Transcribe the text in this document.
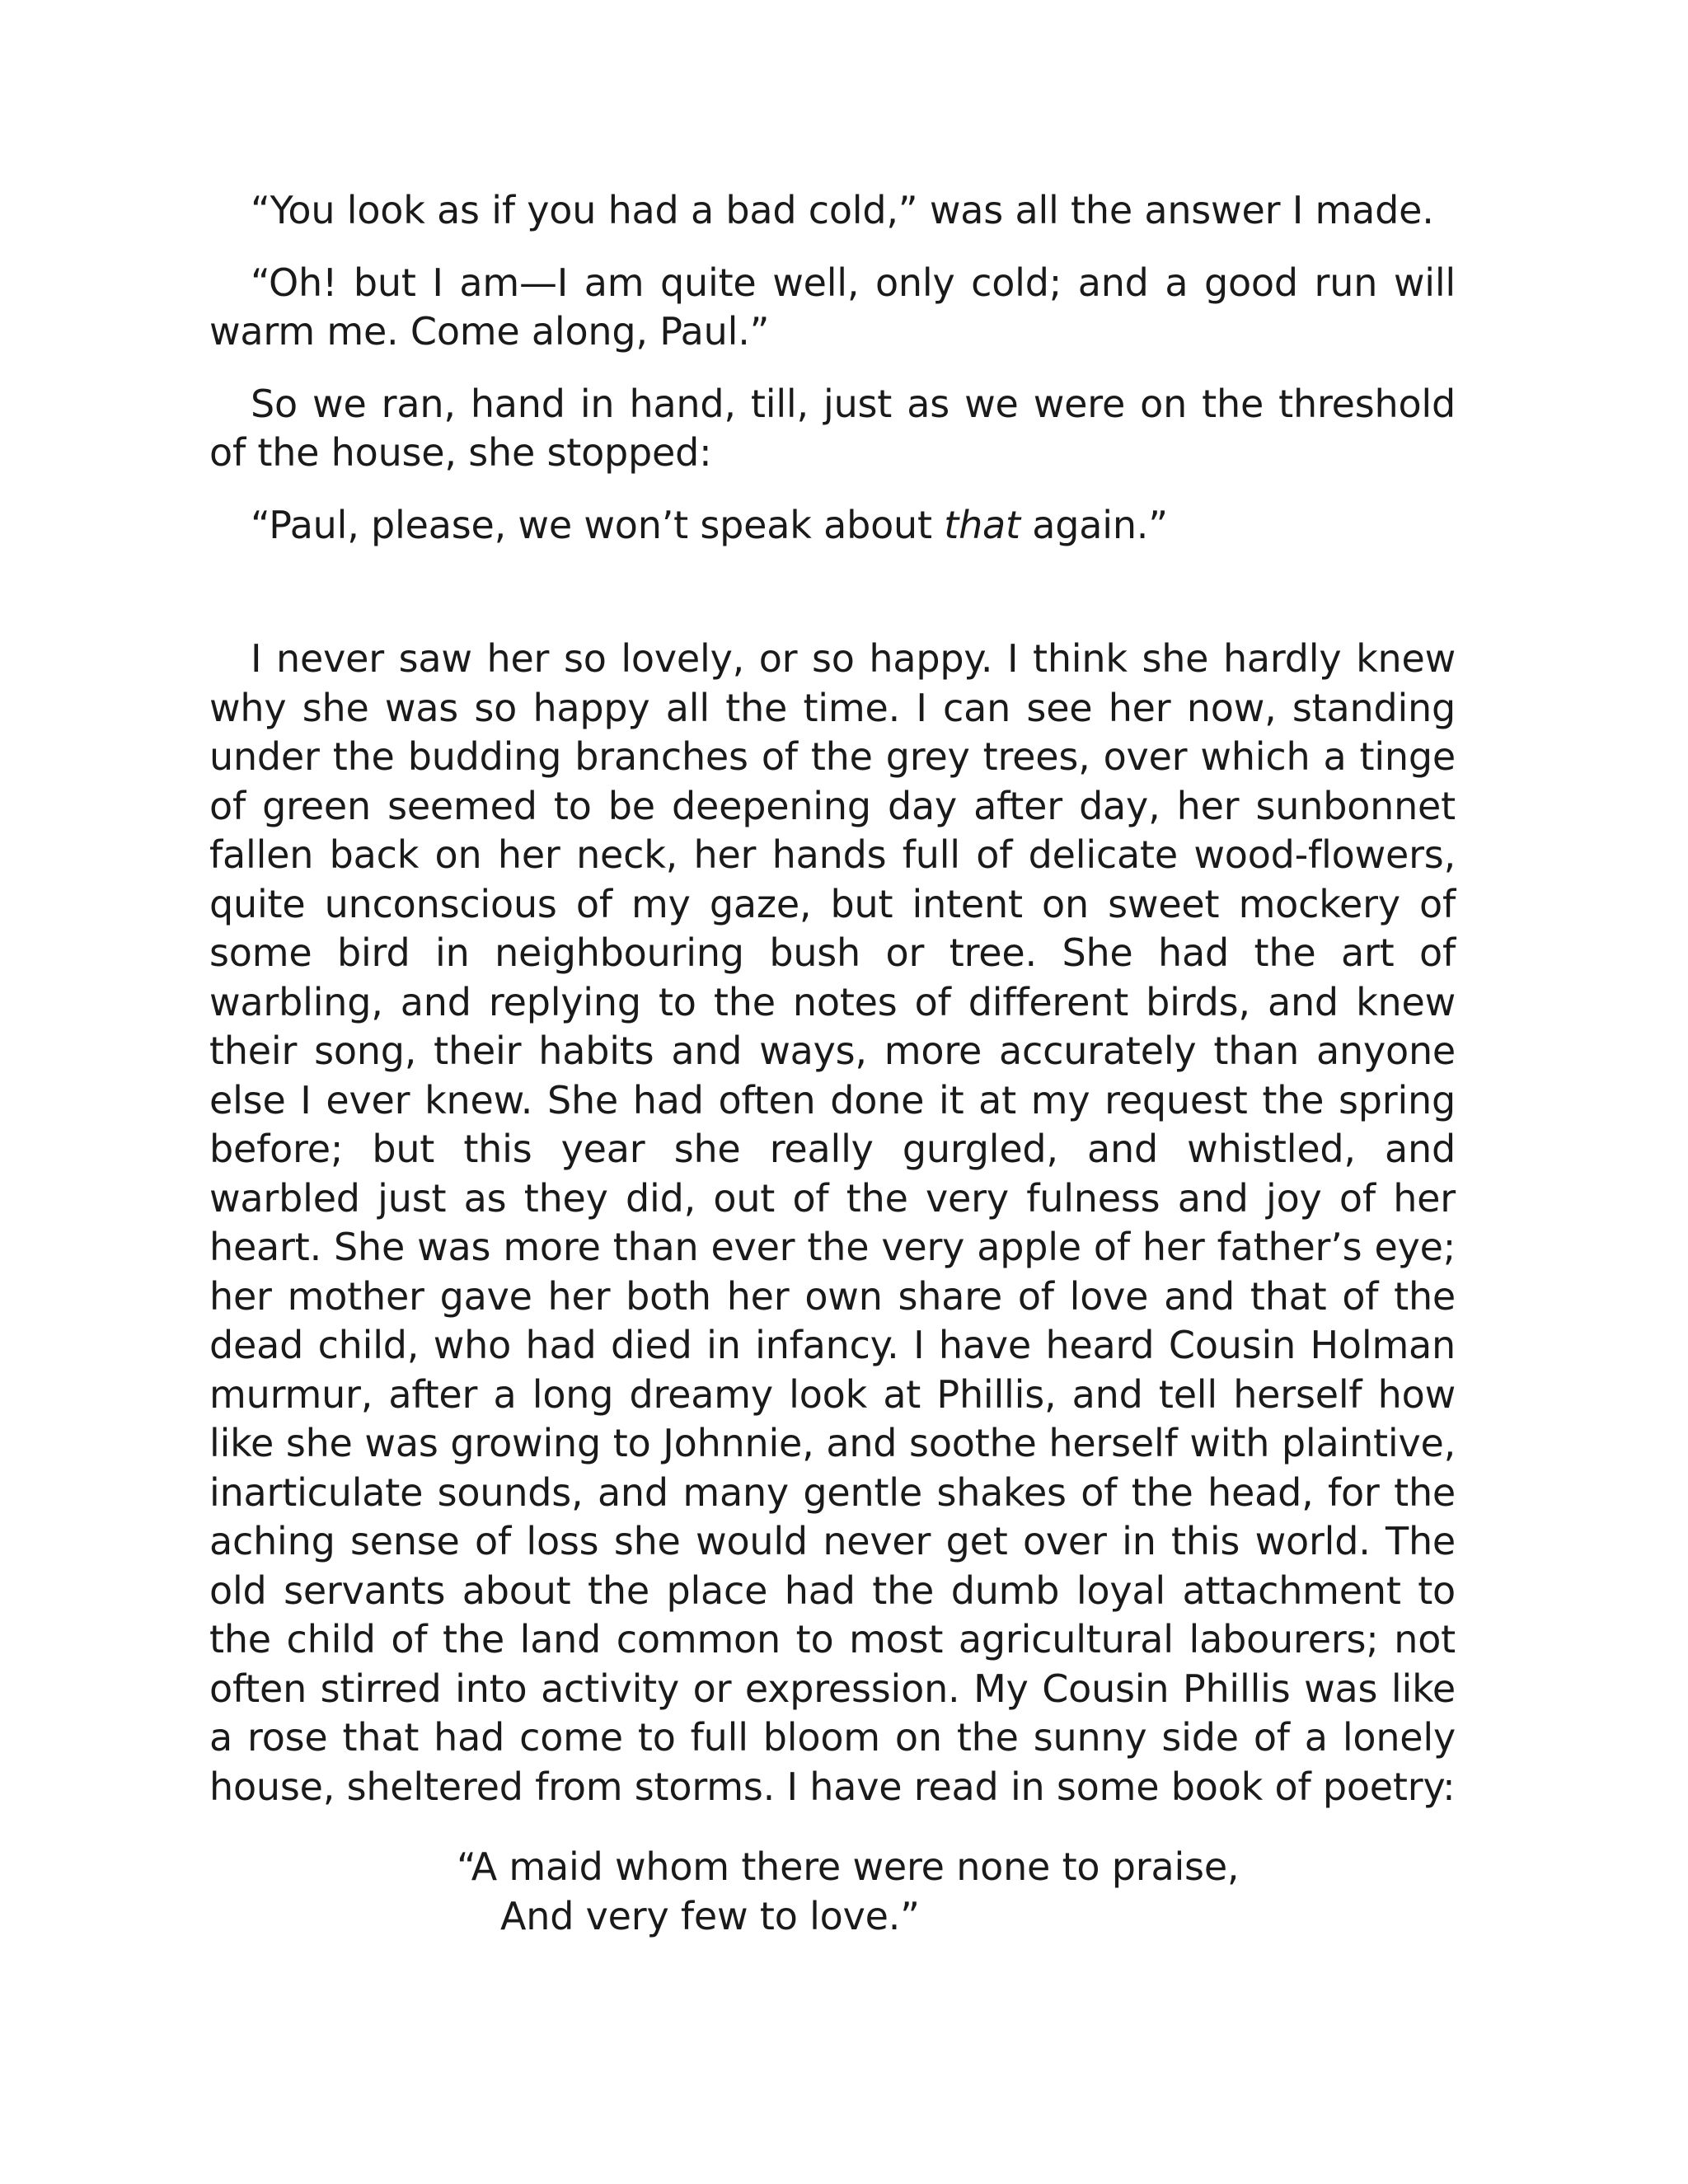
“You look as if you had a bad cold,” was all the answer I made.

“Oh! but I am—I am quite well, only cold; and a good run will warm me. Come along, Paul.”

So we ran, hand in hand, till, just as we were on the threshold of the house, she stopped:

“Paul, please, we won’t speak about that again.”

I never saw her so lovely, or so happy. I think she hardly knew why she was so happy all the time. I can see her now, standing under the budding branches of the grey trees, over which a tinge of green seemed to be deepening day after day, her sunbonnet fallen back on her neck, her hands full of delicate wood-flowers, quite unconscious of my gaze, but intent on sweet mockery of some bird in neighbouring bush or tree. She had the art of warbling, and replying to the notes of different birds, and knew their song, their habits and ways, more accurately than anyone else I ever knew. She had often done it at my request the spring before; but this year she really gurgled, and whistled, and warbled just as they did, out of the very fulness and joy of her heart. She was more than ever the very apple of her father’s eye; her mother gave her both her own share of love and that of the dead child, who had died in infancy. I have heard Cousin Holman murmur, after a long dreamy look at Phillis, and tell herself how like she was growing to Johnnie, and soothe herself with plaintive, inarticulate sounds, and many gentle shakes of the head, for the aching sense of loss she would never get over in this world. The old servants about the place had the dumb loyal attachment to the child of the land common to most agricultural labourers; not often stirred into activity or expression. My Cousin Phillis was like a rose that had come to full bloom on the sunny side of a lonely house, sheltered from storms. I have read in some book of poetry:

“A maid whom there were none to praise,
And very few to love.”
